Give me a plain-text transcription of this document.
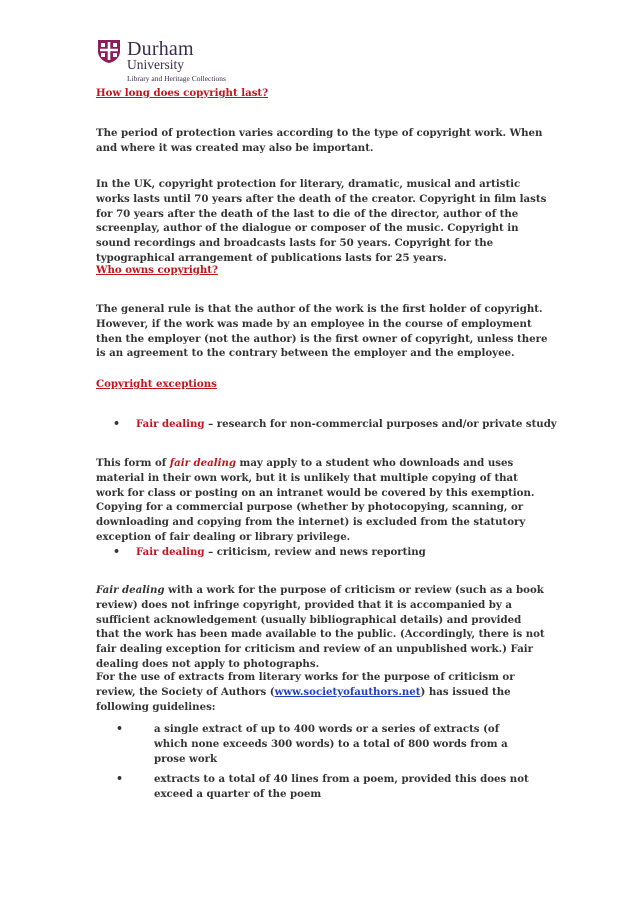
Durham
University
Library and Heritage Collections

How long does copyright last?

The period of protection varies according to the type of copyright work. When and where it was created may also be important.

In the UK, copyright protection for literary, dramatic, musical and artistic works lasts until 70 years after the death of the creator. Copyright in film lasts for 70 years after the death of the last to die of the director, author of the screenplay, author of the dialogue or composer of the music. Copyright in sound recordings and broadcasts lasts for 50 years. Copyright for the typographical arrangement of publications lasts for 25 years.

Who owns copyright?

The general rule is that the author of the work is the first holder of copyright. However, if the work was made by an employee in the course of employment then the employer (not the author) is the first owner of copyright, unless there is an agreement to the contrary between the employer and the employee.

Copyright exceptions

• Fair dealing – research for non-commercial purposes and/or private study

This form of fair dealing may apply to a student who downloads and uses material in their own work, but it is unlikely that multiple copying of that work for class or posting on an intranet would be covered by this exemption. Copying for a commercial purpose (whether by photocopying, scanning, or downloading and copying from the internet) is excluded from the statutory exception of fair dealing or library privilege.

• Fair dealing – criticism, review and news reporting

Fair dealing with a work for the purpose of criticism or review (such as a book review) does not infringe copyright, provided that it is accompanied by a sufficient acknowledgement (usually bibliographical details) and provided that the work has been made available to the public. (Accordingly, there is not fair dealing exception for criticism and review of an unpublished work.) Fair dealing does not apply to photographs.

For the use of extracts from literary works for the purpose of criticism or review, the Society of Authors (www.societyofauthors.net) has issued the following guidelines:

•	a single extract of up to 400 words or a series of extracts (of which none exceeds 300 words) to a total of 800 words from a prose work
•	extracts to a total of 40 lines from a poem, provided this does not exceed a quarter of the poem
